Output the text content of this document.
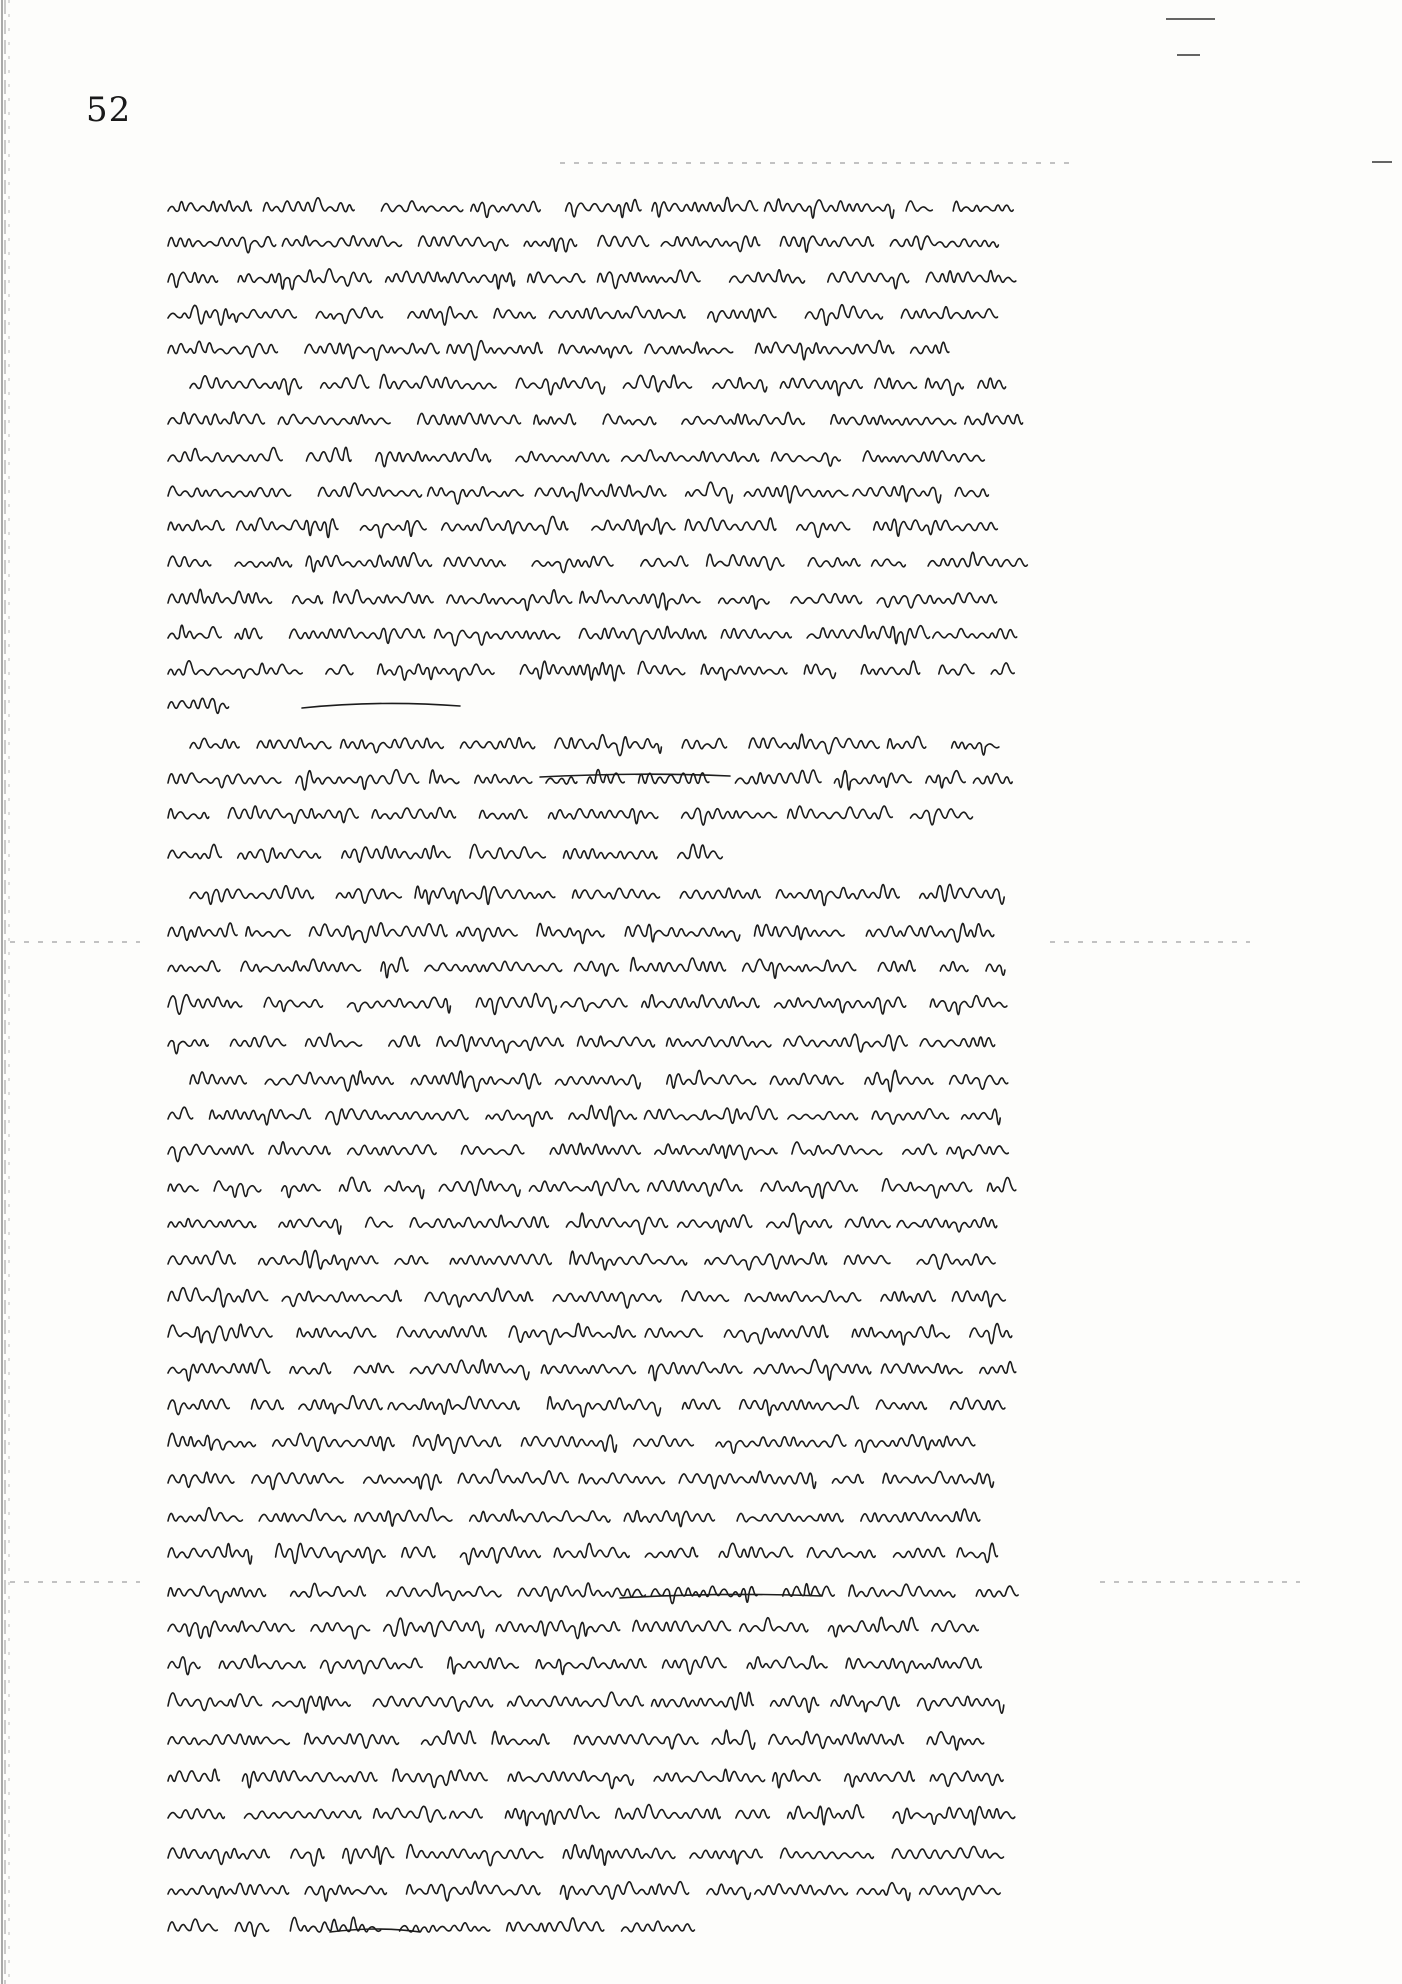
52
